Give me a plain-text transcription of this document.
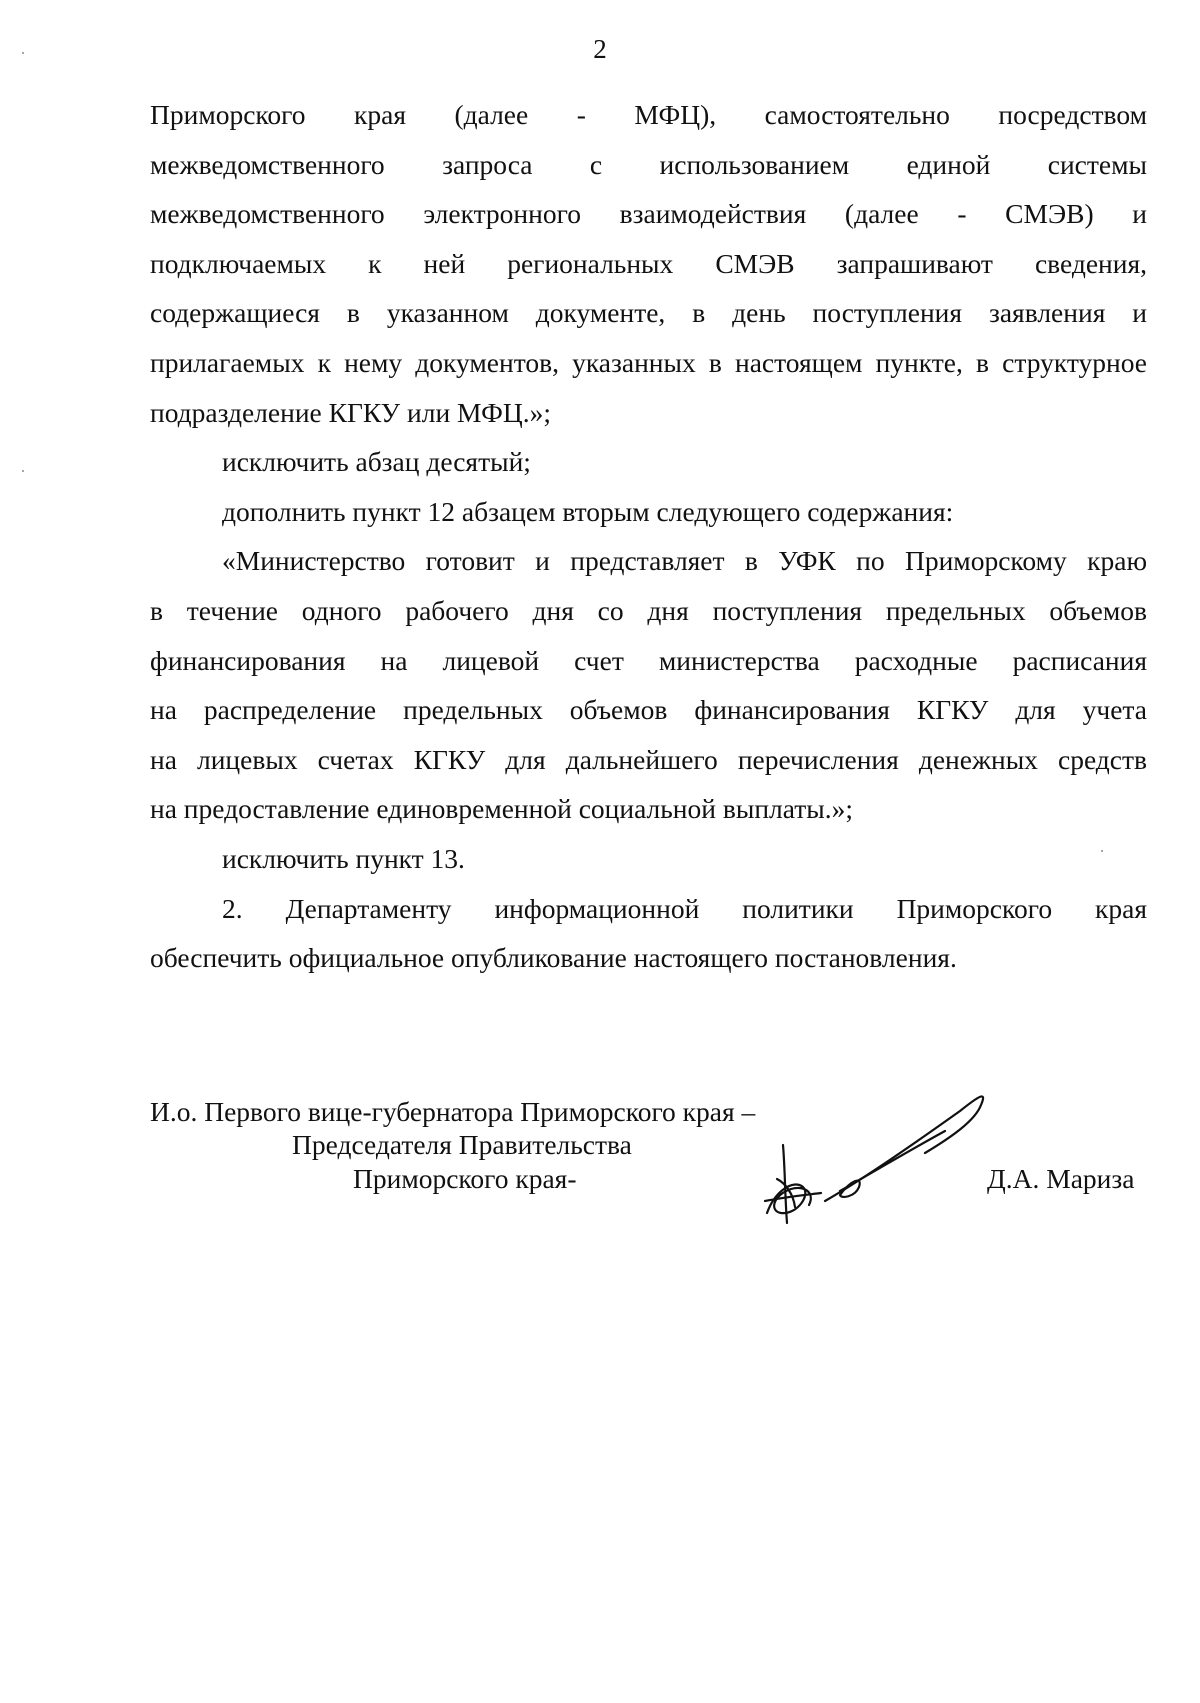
2

Приморского края (далее - МФЦ), самостоятельно посредством

межведомственного запроса с использованием единой системы

межведомственного электронного взаимодействия (далее - СМЭВ) и

подключаемых к ней региональных СМЭВ запрашивают сведения,

содержащиеся в указанном документе, в день поступления заявления и

прилагаемых к нему документов, указанных в настоящем пункте, в структурное

подразделение КГКУ или МФЦ.»;

исключить абзац десятый;

дополнить пункт 12 абзацем вторым следующего содержания:

«Министерство готовит и представляет в УФК по Приморскому краю

в течение одного рабочего дня со дня поступления предельных объемов

финансирования на лицевой счет министерства расходные расписания

на распределение предельных объемов финансирования КГКУ для учета

на лицевых счетах КГКУ для дальнейшего перечисления денежных средств

на предоставление единовременной социальной выплаты.»;

исключить пункт 13.

2. Департаменту информационной политики Приморского края

обеспечить официальное опубликование настоящего постановления.

И.о. Первого вице-губернатора Приморского края –
Председателя Правительства
Приморского края-	Д.А. Мариза
